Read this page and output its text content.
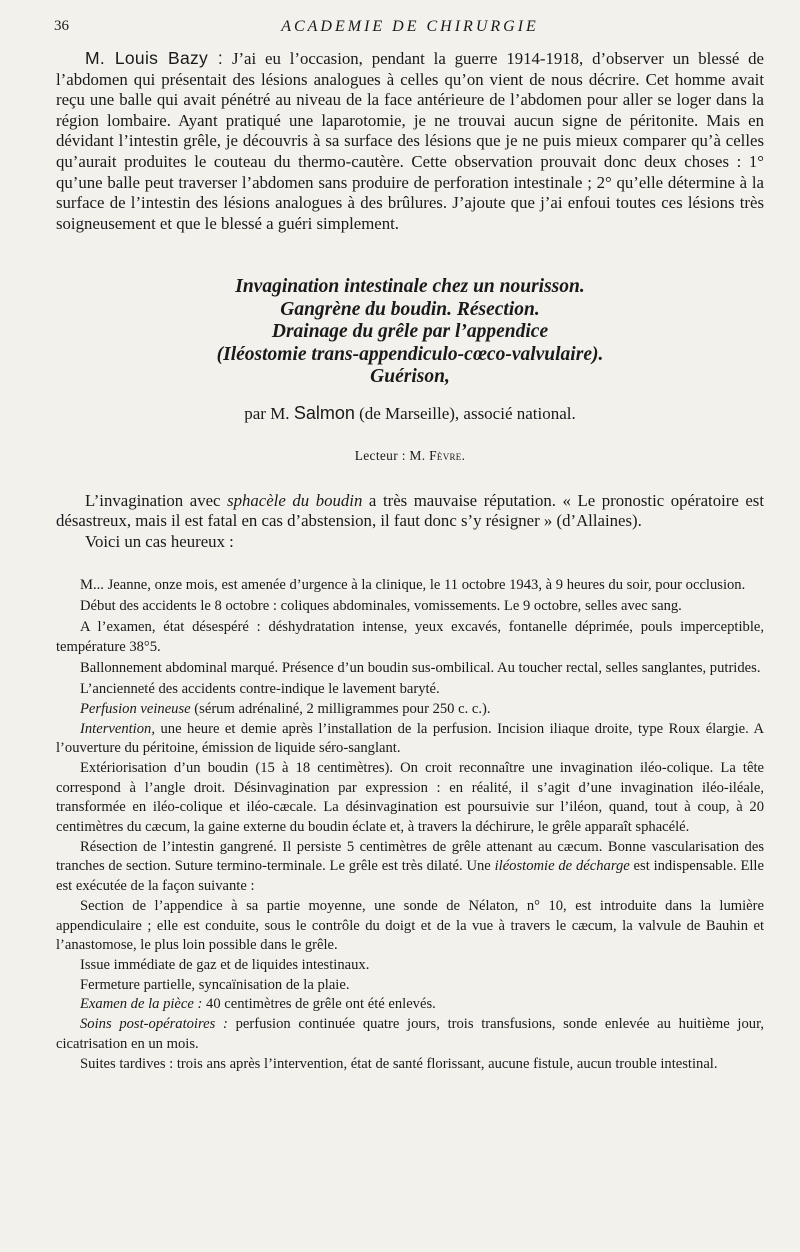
36	ACADEMIE DE CHIRURGIE

M. Louis Bazy : J’ai eu l’occasion, pendant la guerre 1914-1918, d’observer un blessé de l’abdomen qui présentait des lésions analogues à celles qu’on vient de nous décrire. Cet homme avait reçu une balle qui avait pénétré au niveau de la face antérieure de l’abdomen pour aller se loger dans la région lombaire. Ayant pratiqué une laparotomie, je ne trouvai aucun signe de péritonite. Mais en dévidant l’intestin grêle, je découvris à sa surface des lésions que je ne puis mieux comparer qu’à celles qu’aurait produites le couteau du thermo-cautère. Cette observation prouvait donc deux choses : 1° qu’une balle peut traverser l’abdomen sans produire de perforation intestinale ; 2° qu’elle détermine à la surface de l’intestin des lésions analogues à des brûlures. J’ajoute que j’ai enfoui toutes ces lésions très soigneusement et que le blessé a guéri simplement.

Invagination intestinale chez un nourisson.
Gangrène du boudin. Résection.
Drainage du grêle par l’appendice
(Iléostomie trans-appendiculo-cœco-valvulaire).
Guérison,
par M. Salmon (de Marseille), associé national.
Lecteur : M. Fèvre.

L’invagination avec sphacèle du boudin a très mauvaise réputation. « Le pronostic opératoire est désastreux, mais il est fatal en cas d’abstension, il faut donc s’y résigner » (d’Allaines).

Voici un cas heureux :

M... Jeanne, onze mois, est amenée d’urgence à la clinique, le 11 octobre 1943, à 9 heures du soir, pour occlusion.

Début des accidents le 8 octobre : coliques abdominales, vomissements. Le 9 octobre, selles avec sang.

A l’examen, état désespéré : déshydratation intense, yeux excavés, fontanelle déprimée, pouls imperceptible, température 38°5.

Ballonnement abdominal marqué. Présence d’un boudin sus-ombilical. Au toucher rectal, selles sanglantes, putrides.

L’ancienneté des accidents contre-indique le lavement baryté.

Perfusion veineuse (sérum adrénaliné, 2 milligrammes pour 250 c. c.).

Intervention, une heure et demie après l’installation de la perfusion. Incision iliaque droite, type Roux élargie. A l’ouverture du péritoine, émission de liquide séro-sanglant.

Extériorisation d’un boudin (15 à 18 centimètres). On croit reconnaître une invagination iléo-colique. La tête correspond à l’angle droit. Désinvagination par expression : en réalité, il s’agit d’une invagination iléo-iléale, transformée en iléo-colique et iléo-cæcale. La désinvagination est poursuivie sur l’iléon, quand, tout à coup, à 20 centimètres du cæcum, la gaine externe du boudin éclate et, à travers la déchirure, le grêle apparaît sphacélé.

Résection de l’intestin gangrené. Il persiste 5 centimètres de grêle attenant au cæcum. Bonne vascularisation des tranches de section. Suture termino-terminale. Le grêle est très dilaté. Une iléostomie de décharge est indispensable. Elle est exécutée de la façon suivante :

Section de l’appendice à sa partie moyenne, une sonde de Nélaton, n° 10, est introduite dans la lumière appendiculaire ; elle est conduite, sous le contrôle du doigt et de la vue à travers le cæcum, la valvule de Bauhin et l’anastomose, le plus loin possible dans le grêle.

Issue immédiate de gaz et de liquides intestinaux.

Fermeture partielle, syncaïnisation de la plaie.

Examen de la pièce : 40 centimètres de grêle ont été enlevés.

Soins post-opératoires : perfusion continuée quatre jours, trois transfusions, sonde enlevée au huitième jour, cicatrisation en un mois.

Suites tardives : trois ans après l’intervention, état de santé florissant, aucune fistule, aucun trouble intestinal.
